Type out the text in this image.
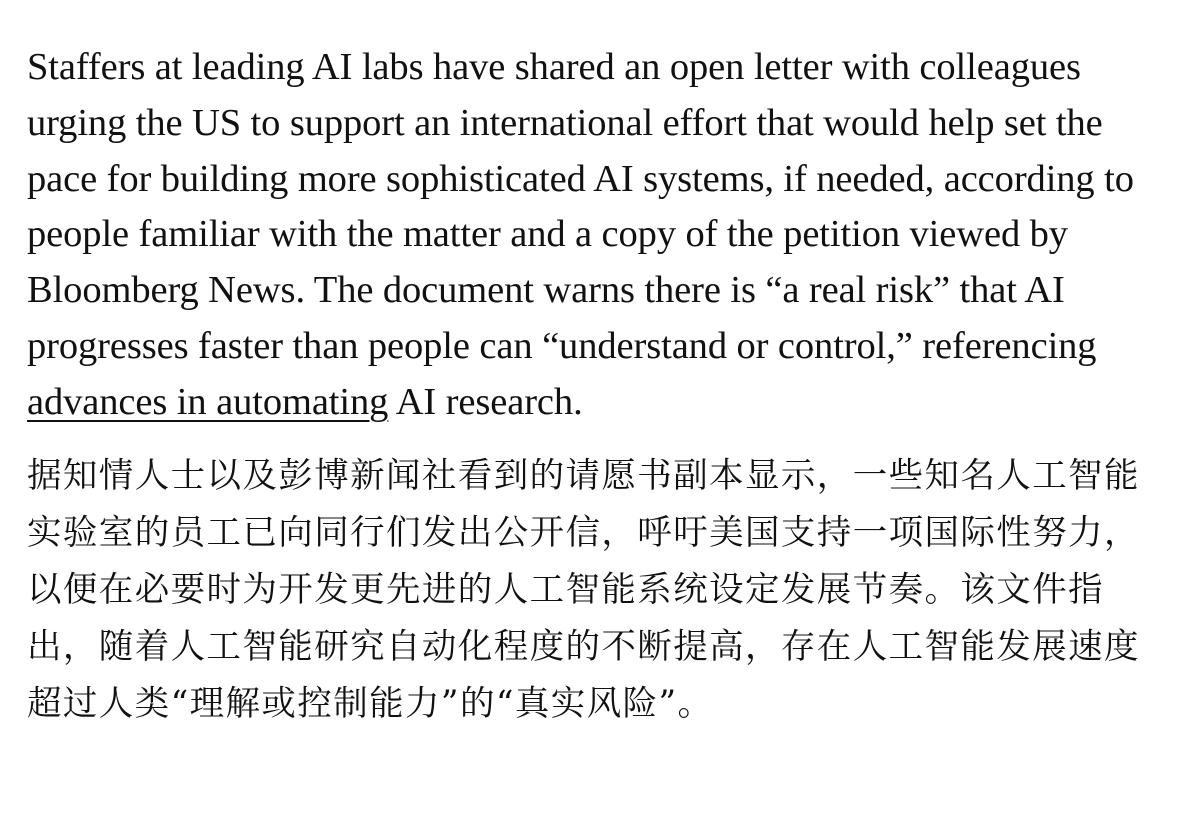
Staffers at leading AI labs have shared an open letter with colleagues urging the US to support an international effort that would help set the pace for building more sophisticated AI systems, if needed, according to people familiar with the matter and a copy of the petition viewed by Bloomberg News. The document warns there is “a real risk” that AI progresses faster than people can “understand or control,” referencing advances in automating AI research.

据知情人士以及彭博新闻社看到的请愿书副本显示，一些知名人工智能实验室的员工已向同行们发出公开信，呼吁美国支持一项国际性努力，以便在必要时为开发更先进的人工智能系统设定发展节奏。该文件指出，随着人工智能研究自动化程度的不断提高，存在人工智能发展速度超过人类“理解或控制能力”的“真实风险”。
